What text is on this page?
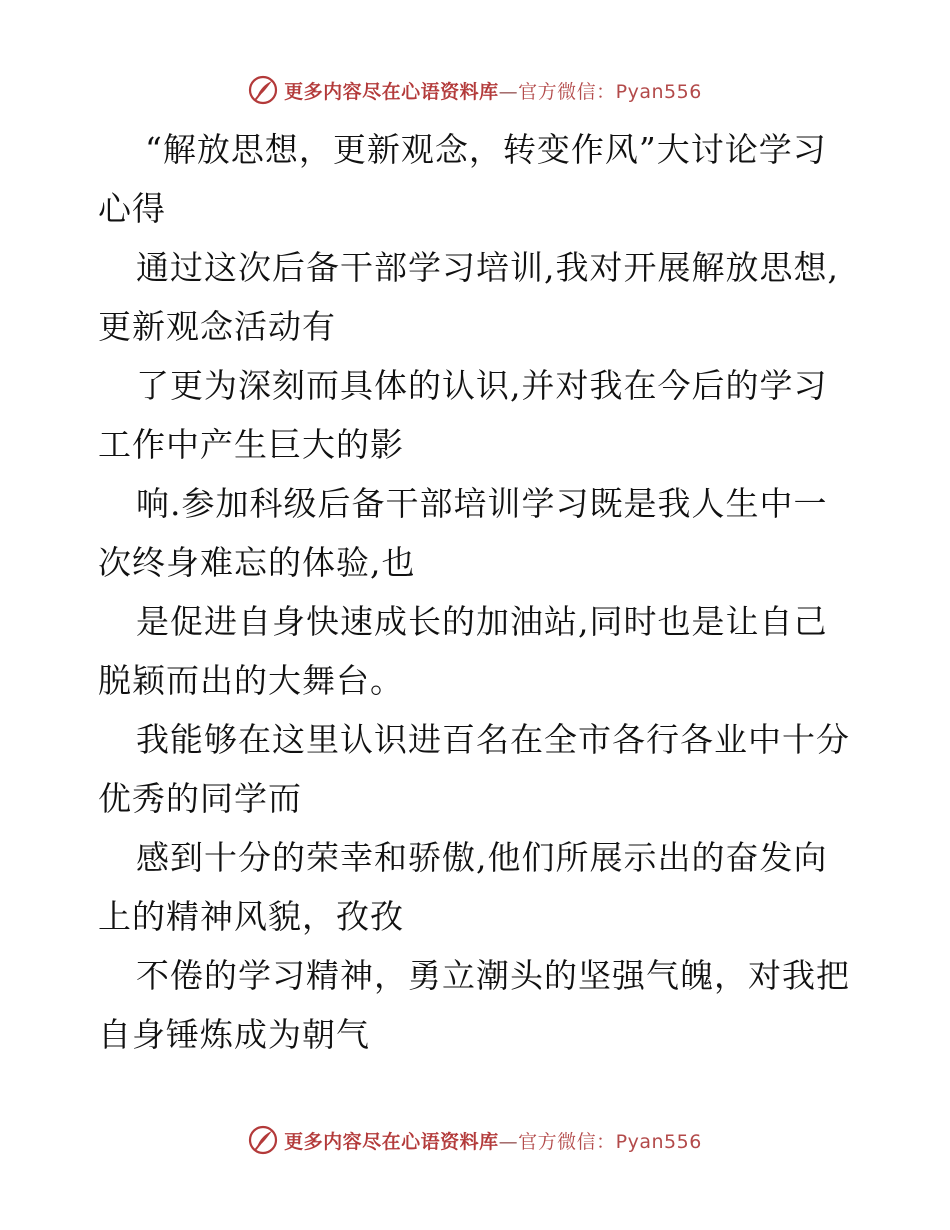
更多内容尽在心语资料库—官方微信：Pyan556
“解放思想，更新观念，转变作风”大讨论学习
心得
通过这次后备干部学习培训,我对开展解放思想,
更新观念活动有
了更为深刻而具体的认识,并对我在今后的学习
工作中产生巨大的影
响.参加科级后备干部培训学习既是我人生中一
次终身难忘的体验,也
是促进自身快速成长的加油站,同时也是让自己
脱颖而出的大舞台。
我能够在这里认识进百名在全市各行各业中十分
优秀的同学而
感到十分的荣幸和骄傲,他们所展示出的奋发向
上的精神风貌，孜孜
不倦的学习精神，勇立潮头的坚强气魄，对我把
自身锤炼成为朝气
更多内容尽在心语资料库—官方微信：Pyan556
